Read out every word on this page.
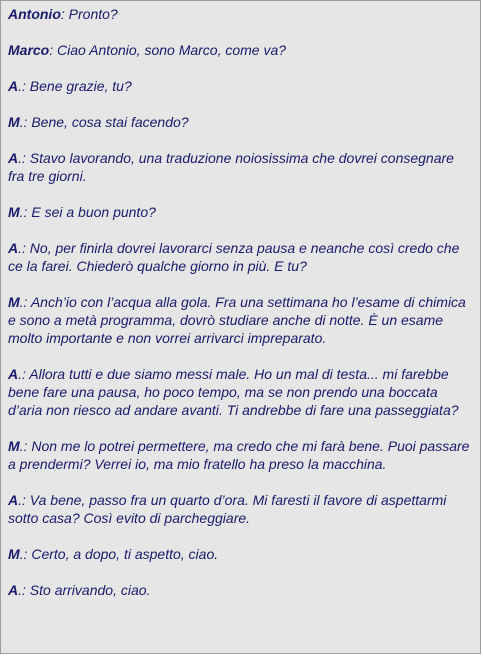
Antonio: Pronto?

Marco: Ciao Antonio, sono Marco, come va?

A.: Bene grazie, tu?

M.: Bene, cosa stai facendo?

A.: Stavo lavorando, una traduzione noiosissima che dovrei consegnare fra tre giorni.

M.: E sei a buon punto?

A.: No, per finirla dovrei lavorarci senza pausa e neanche così credo che ce la farei. Chiederò qualche giorno in più. E tu?

M.: Anch’io con l’acqua alla gola. Fra una settimana ho l’esame di chimica e sono a metà programma, dovrò studiare anche di notte. È un esame molto importante e non vorrei arrivarci impreparato.

A.: Allora tutti e due siamo messi male. Ho un mal di testa... mi farebbe bene fare una pausa, ho poco tempo, ma se non prendo una boccata d’aria non riesco ad andare avanti. Ti andrebbe di fare una passeggiata?

M.: Non me lo potrei permettere, ma credo che mi farà bene. Puoi passare a prendermi? Verrei io, ma mio fratello ha preso la macchina.

A.: Va bene, passo fra un quarto d’ora. Mi faresti il favore di aspettarmi sotto casa? Così evito di parcheggiare.

M.: Certo, a dopo, ti aspetto, ciao.

A.: Sto arrivando, ciao.
